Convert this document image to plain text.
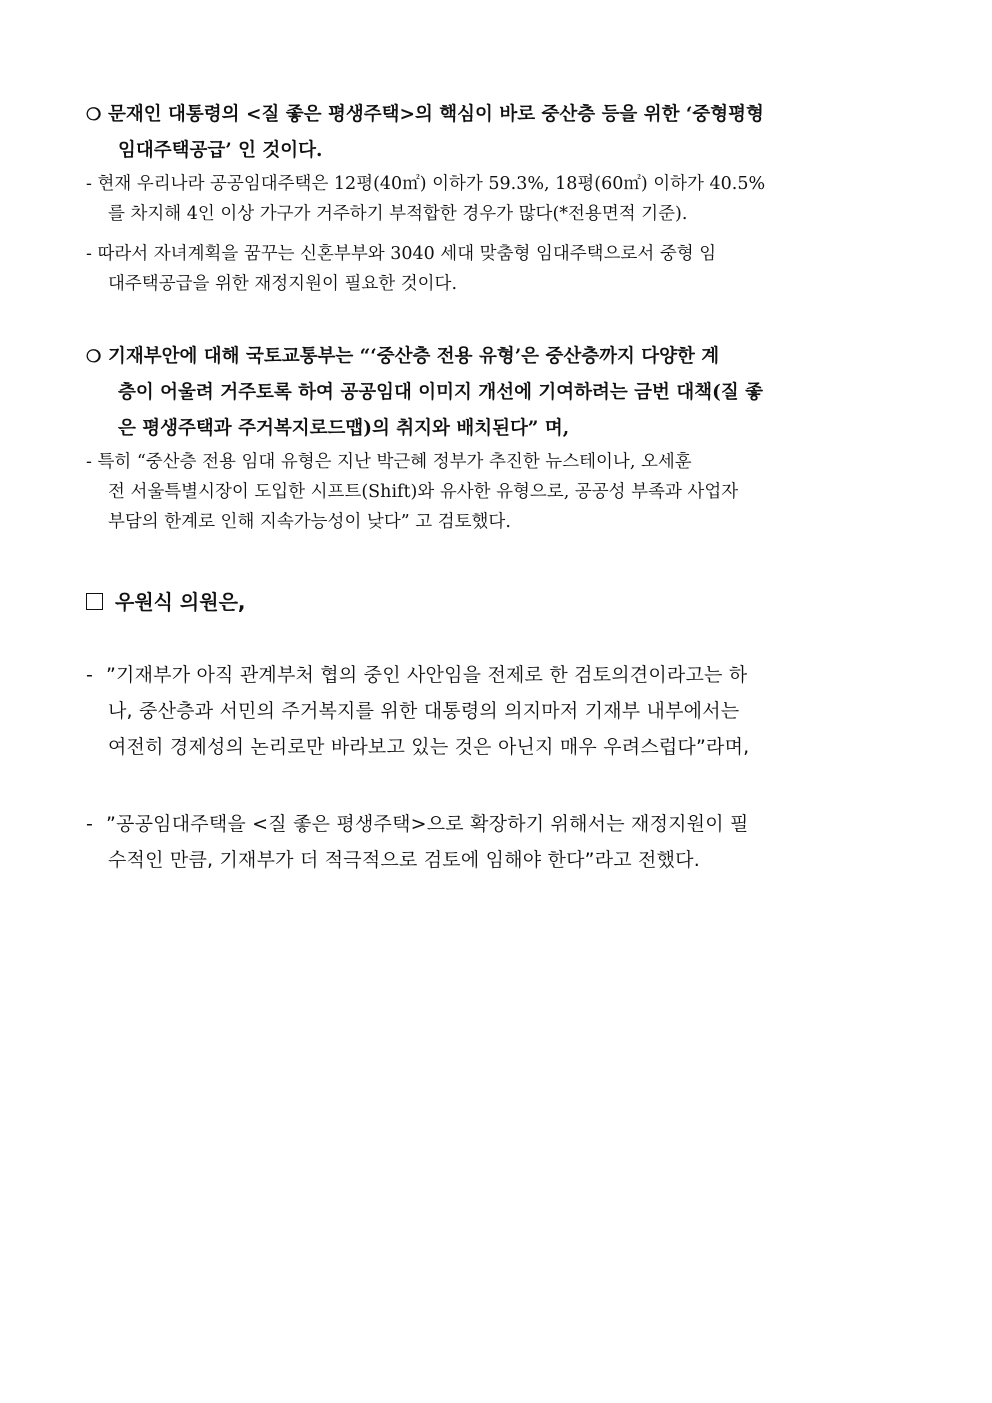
❍ 문재인 대통령의 <질 좋은 평생주택>의 핵심이 바로 중산층 등을 위한 ‘중형평형
임대주택공급’ 인 것이다.
- 현재 우리나라 공공임대주택은 12평(40㎡) 이하가 59.3%, 18평(60㎡) 이하가 40.5%
를 차지해 4인 이상 가구가 거주하기 부적합한 경우가 많다(*전용면적 기준).
- 따라서 자녀계획을 꿈꾸는 신혼부부와 3040 세대 맞춤형 임대주택으로서 중형 임
대주택공급을 위한 재정지원이 필요한 것이다.
❍ 기재부안에 대해 국토교통부는 “‘중산층 전용 유형’은 중산층까지 다양한 계
층이 어울려 거주토록 하여 공공임대 이미지 개선에 기여하려는 금번 대책(질 좋
은 평생주택과 주거복지로드맵)의 취지와 배치된다” 며,
- 특히 “중산층 전용 임대 유형은 지난 박근혜 정부가 추진한 뉴스테이나, 오세훈
전 서울특별시장이 도입한 시프트(Shift)와 유사한 유형으로, 공공성 부족과 사업자
부담의 한계로 인해 지속가능성이 낮다” 고 검토했다.
우원식 의원은,
- ”기재부가 아직 관계부처 협의 중인 사안임을 전제로 한 검토의견이라고는 하
나, 중산층과 서민의 주거복지를 위한 대통령의 의지마저 기재부 내부에서는
여전히 경제성의 논리로만 바라보고 있는 것은 아닌지 매우 우려스럽다”라며,
- ”공공임대주택을 <질 좋은 평생주택>으로 확장하기 위해서는 재정지원이 필
수적인 만큼, 기재부가 더 적극적으로 검토에 임해야 한다”라고 전했다.
